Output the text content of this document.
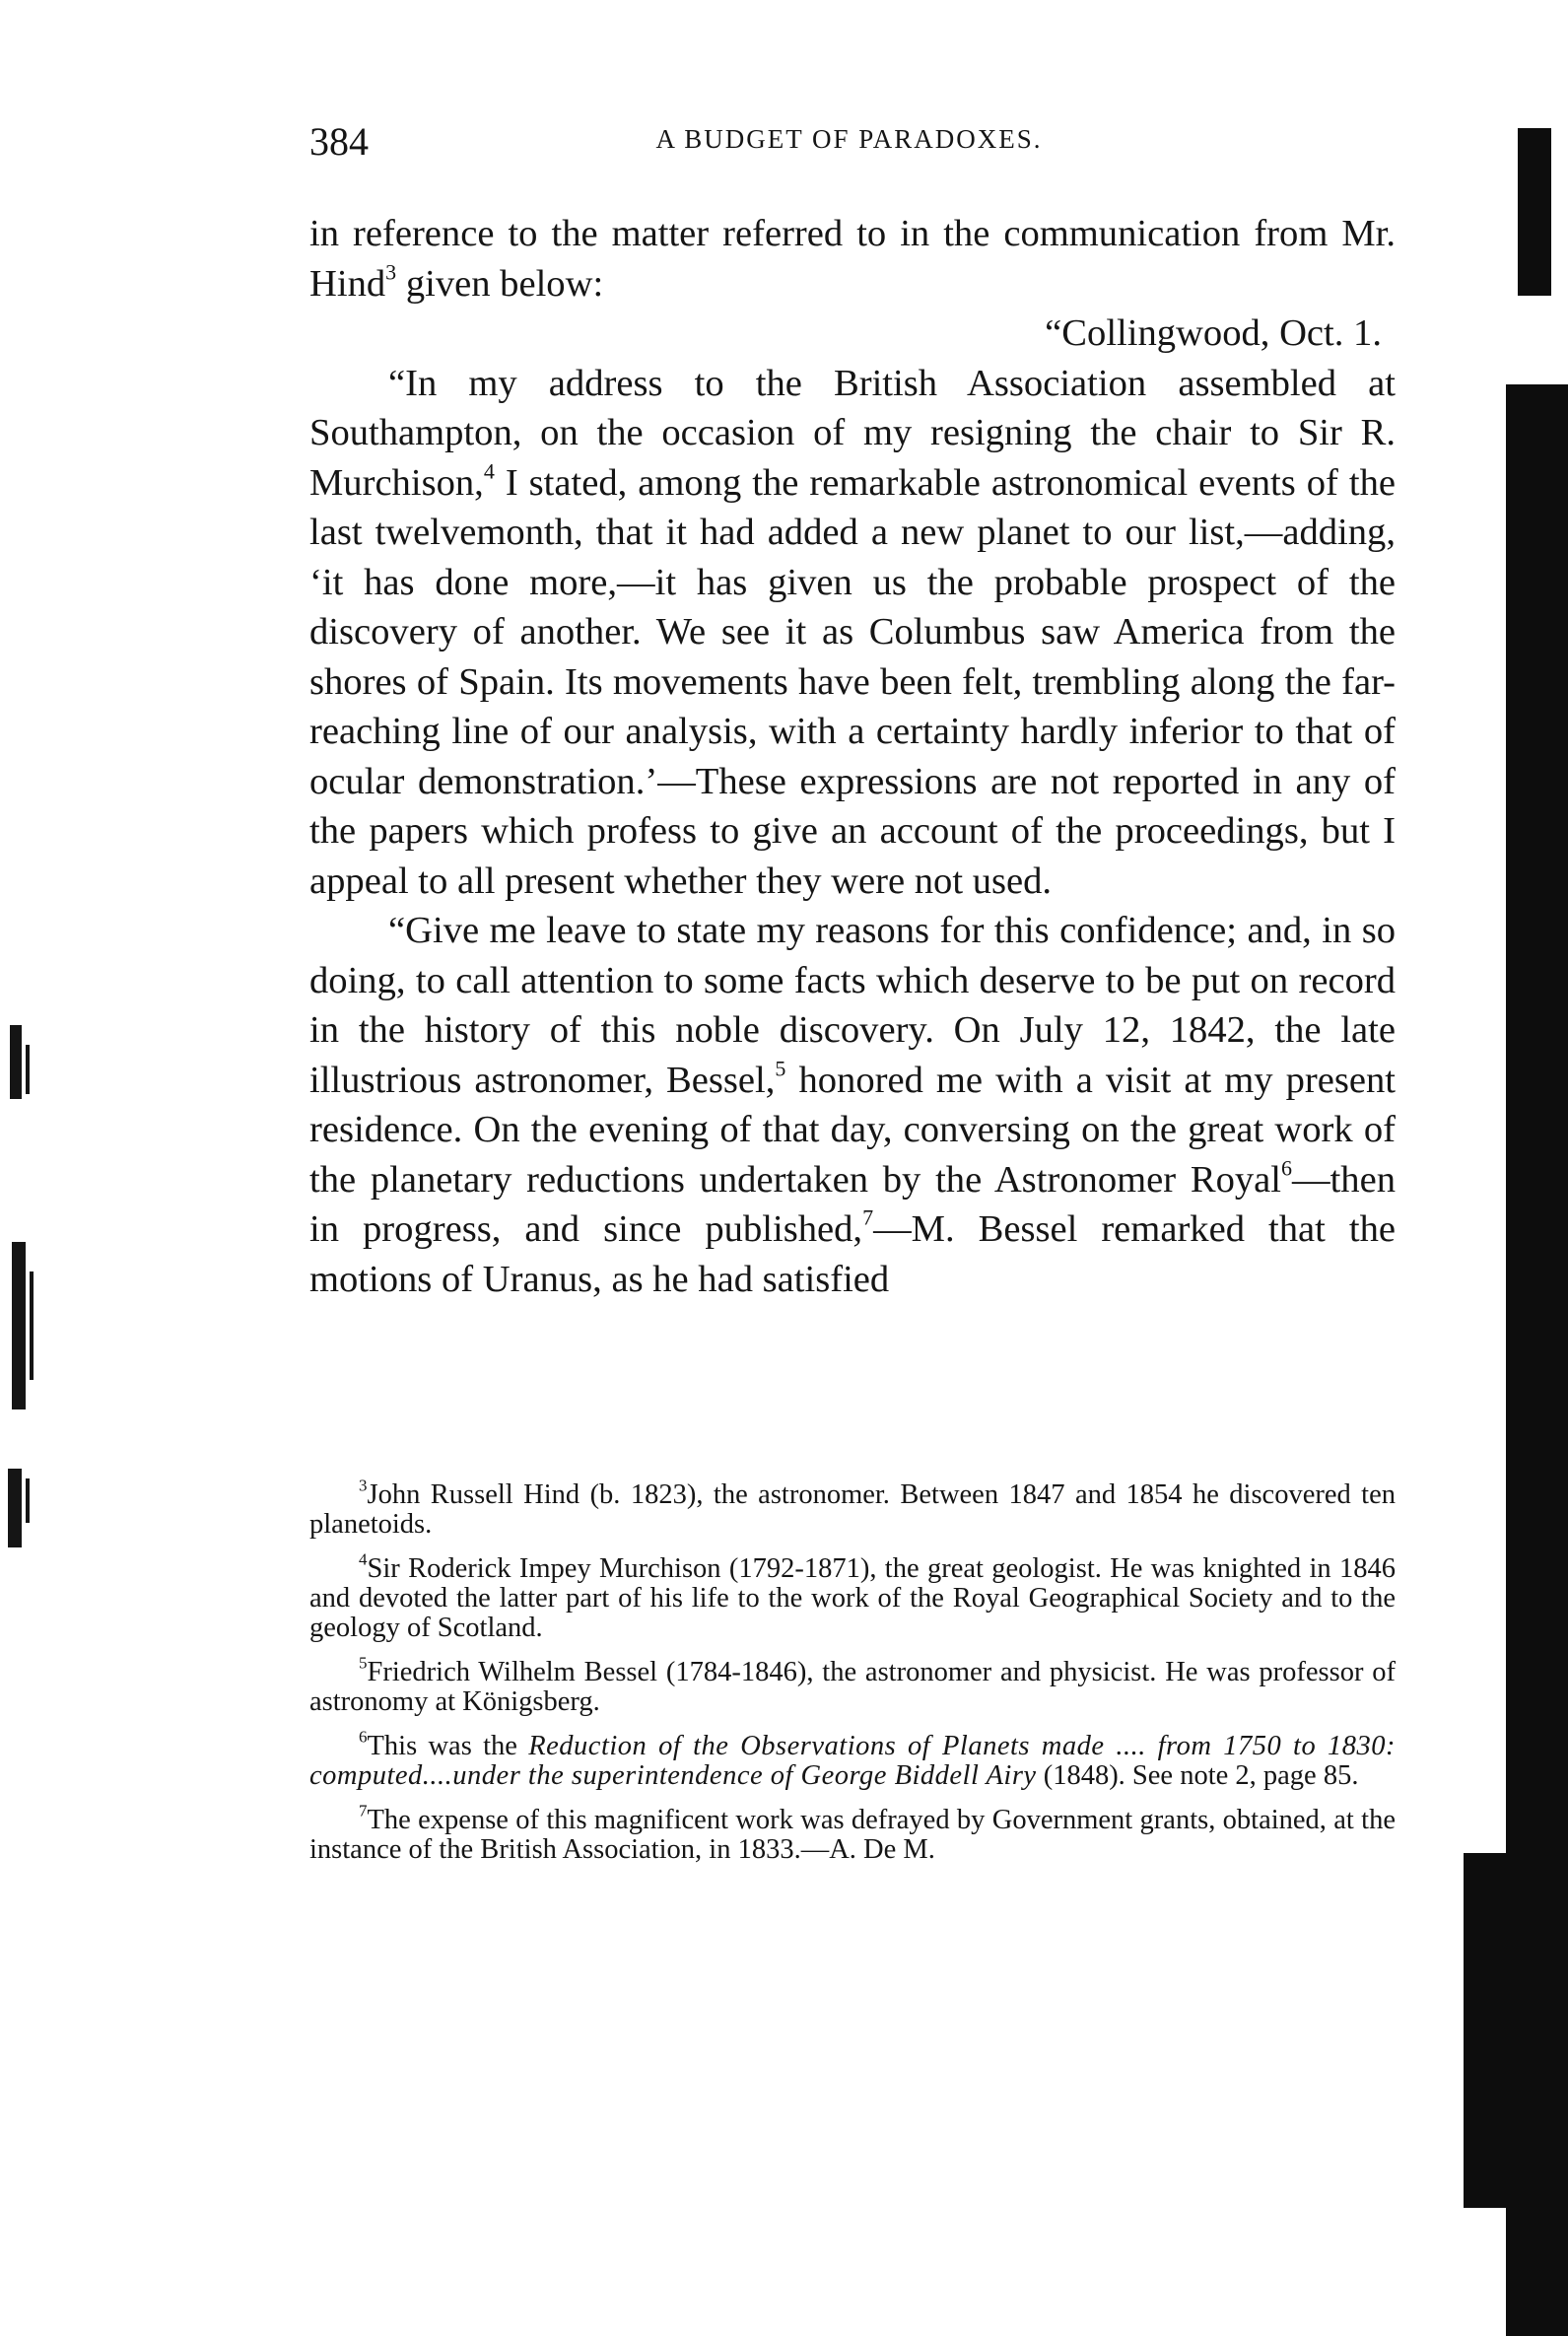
384	A BUDGET OF PARADOXES.

in reference to the matter referred to in the communication from Mr. Hind$^3$ given below:

“Collingwood, Oct. 1.

“In my address to the British Association assembled at Southampton, on the occasion of my resigning the chair to Sir R. Murchison,$^4$ I stated, among the remarkable astronomical events of the last twelvemonth, that it had added a new planet to our list,—adding, ‘it has done more,—it has given us the probable prospect of the discovery of another. We see it as Columbus saw America from the shores of Spain. Its movements have been felt, trembling along the far-reaching line of our analysis, with a certainty hardly inferior to that of ocular demonstration.’—These expressions are not reported in any of the papers which profess to give an account of the proceedings, but I appeal to all present whether they were not used.

“Give me leave to state my reasons for this confidence; and, in so doing, to call attention to some facts which deserve to be put on record in the history of this noble discovery. On July 12, 1842, the late illustrious astronomer, Bessel,$^5$ honored me with a visit at my present residence. On the evening of that day, conversing on the great work of the planetary reductions undertaken by the Astronomer Royal$^6$—then in progress, and since published,$^7$—M. Bessel remarked that the motions of Uranus, as he had satisfied

$^3$John Russell Hind (b. 1823), the astronomer. Between 1847 and 1854 he discovered ten planetoids.

$^4$Sir Roderick Impey Murchison (1792-1871), the great geologist. He was knighted in 1846 and devoted the latter part of his life to the work of the Royal Geographical Society and to the geology of Scotland.

$^5$Friedrich Wilhelm Bessel (1784-1846), the astronomer and physicist. He was professor of astronomy at Königsberg.

$^6$This was the Reduction of the Observations of Planets made .... from 1750 to 1830: computed....under the superintendence of George Biddell Airy (1848). See note 2, page 85.

$^7$The expense of this magnificent work was defrayed by Government grants, obtained, at the instance of the British Association, in 1833.—A. De M.
